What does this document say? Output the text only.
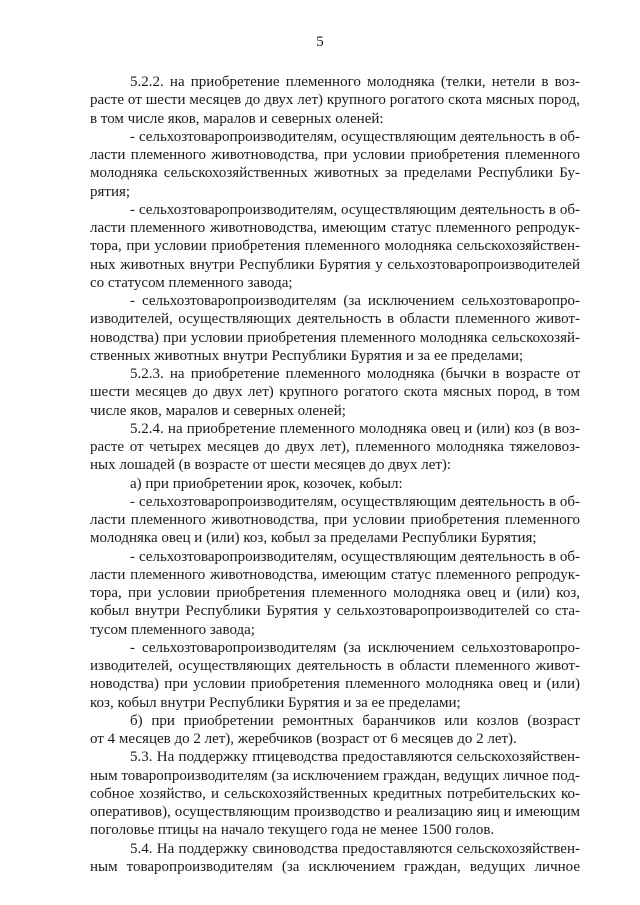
5
5.2.2. на приобретение племенного молодняка (телки, нетели в воз-
расте от шести месяцев до двух лет) крупного рогатого скота мясных пород,
в том числе яков, маралов и северных оленей:
- сельхозтоваропроизводителям, осуществляющим деятельность в об-
ласти племенного животноводства, при условии приобретения племенного
молодняка сельскохозяйственных животных за пределами Республики Бу-
рятия;
- сельхозтоваропроизводителям, осуществляющим деятельность в об-
ласти племенного животноводства, имеющим статус племенного репродук-
тора, при условии приобретения племенного молодняка сельскохозяйствен-
ных животных внутри Республики Бурятия у сельхозтоваропроизводителей
со статусом племенного завода;
- сельхозтоваропроизводителям (за исключением сельхозтоваропро-
изводителей, осуществляющих деятельность в области племенного живот-
новодства) при условии приобретения племенного молодняка сельскохозяй-
ственных животных внутри Республики Бурятия и за ее пределами;
5.2.3. на приобретение племенного молодняка (бычки в возрасте от
шести месяцев до двух лет) крупного рогатого скота мясных пород, в том
числе яков, маралов и северных оленей;
5.2.4. на приобретение племенного молодняка овец и (или) коз (в воз-
расте от четырех месяцев до двух лет), племенного молодняка тяжеловоз-
ных лошадей (в возрасте от шести месяцев до двух лет):
а) при приобретении ярок, козочек, кобыл:
- сельхозтоваропроизводителям, осуществляющим деятельность в об-
ласти племенного животноводства, при условии приобретения племенного
молодняка овец и (или) коз, кобыл за пределами Республики Бурятия;
- сельхозтоваропроизводителям, осуществляющим деятельность в об-
ласти племенного животноводства, имеющим статус племенного репродук-
тора, при условии приобретения племенного молодняка овец и (или) коз,
кобыл внутри Республики Бурятия у сельхозтоваропроизводителей со ста-
тусом племенного завода;
- сельхозтоваропроизводителям (за исключением сельхозтоваропро-
изводителей, осуществляющих деятельность в области племенного живот-
новодства) при условии приобретения племенного молодняка овец и (или)
коз, кобыл внутри Республики Бурятия и за ее пределами;
б) при приобретении ремонтных баранчиков или козлов (возраст
от 4 месяцев до 2 лет), жеребчиков (возраст от 6 месяцев до 2 лет).
5.3. На поддержку птицеводства предоставляются сельскохозяйствен-
ным товаропроизводителям (за исключением граждан, ведущих личное под-
собное хозяйство, и сельскохозяйственных кредитных потребительских ко-
оперативов), осуществляющим производство и реализацию яиц и имеющим
поголовье птицы на начало текущего года не менее 1500 голов.
5.4. На поддержку свиноводства предоставляются сельскохозяйствен-
ным товаропроизводителям (за исключением граждан, ведущих личное
